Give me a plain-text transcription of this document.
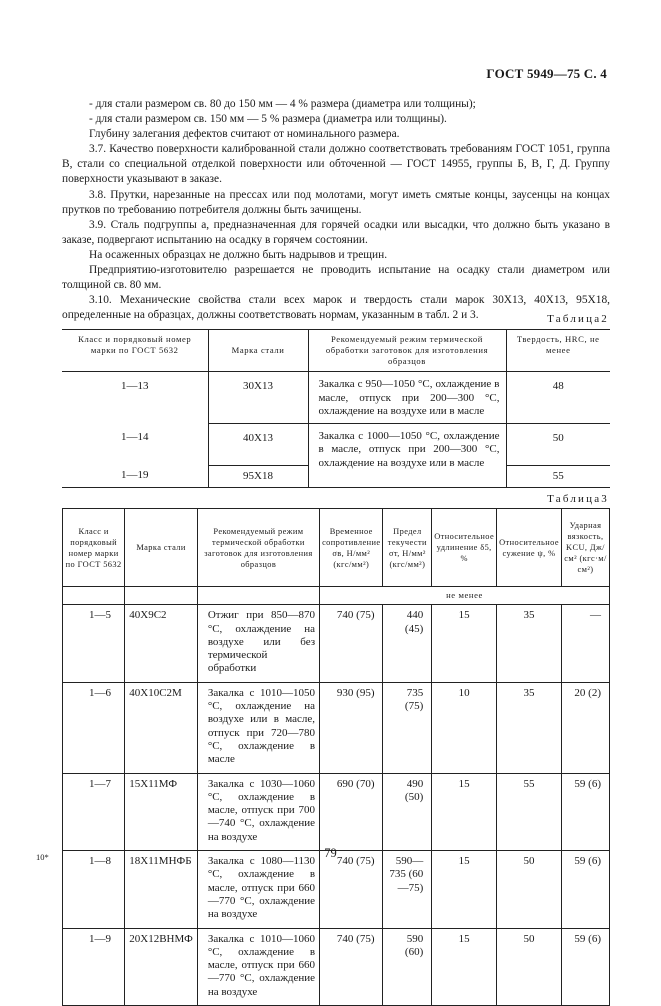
ГОСТ 5949—75 С. 4

- для стали размером св. 80 до 150 мм — 4 % размера (диаметра или толщины);

- для стали размером св. 150 мм — 5 % размера (диаметра или толщины).

Глубину залегания дефектов считают от номинального размера.

3.7. Качество поверхности калиброванной стали должно соответствовать требованиям ГОСТ 1051, группа В, стали со специальной отделкой поверхности или обточенной — ГОСТ 14955, группы Б, В, Г, Д. Группу поверхности указывают в заказе.

3.8. Прутки, нарезанные на прессах или под молотами, могут иметь смятые концы, заусенцы на концах прутков по требованию потребителя должны быть зачищены.

3.9. Сталь подгруппы а, предназначенная для горячей осадки или высадки, что должно быть указано в заказе, подвергают испытанию на осадку в горячем состоянии.

На осаженных образцах не должно быть надрывов и трещин.

Предприятию-изготовителю разрешается не проводить испытание на осадку стали диаметром или толщиной св. 80 мм.

3.10. Механические свойства стали всех марок и твердость стали марок 30Х13, 40Х13, 95Х18, определенные на образцах, должны соответствовать нормам, указанным в табл. 2 и 3.	Таблица2
Класс и порядковый номер марки по ГОСТ 5632	Марка стали	Рекомендуемый режим термической обработки заготовок для изготовления образцов	Твердость, HRC, не менее
1—13	30Х13	Закалка с 950—1050 °С, охлаждение в масле, отпуск при 200—300 °С, охлаждение на воздухе или в масле	48
1—14	40Х13	Закалка с 1000—1050 °С, охлаждение в масле, отпуск при 200—300 °С, охлаждение на воздухе или в масле	50
1—19	95Х18		55
Таблица3
Класс и порядковый номер марки по ГОСТ 5632	Марка стали	Рекомендуемый режим термической обработки заготовок для изготовления образцов	Временное сопротивление σв, Н/мм² (кгс/мм²)	Предел текучести σт, Н/мм² (кгс/мм²)	Относительное удлинение δ5, %	Относительное сужение ψ, %	Ударная вязкость, KCU, Дж/см² (кгс·м/см²)
			не менее				
1—5	40Х9С2	Отжиг при 850—870 °С, охлаждение на воздухе или без термической обработки	740 (75)	440 (45)	15	35	—
1—6	40Х10С2М	Закалка с 1010—1050 °С, охлаждение на воздухе или в масле, отпуск при 720—780 °С, охлаждение в масле	930 (95)	735 (75)	10	35	20 (2)
1—7	15Х11МФ	Закалка с 1030—1060 °С, охлаждение в масле, отпуск при 700—740 °С, охлаждение на воздухе	690 (70)	490 (50)	15	55	59 (6)
1—8	18Х11МНФБ	Закалка с 1080—1130 °С, охлаждение в масле, отпуск при 660—770 °С, охлаждение на воздухе	740 (75)	590—735 (60—75)	15	50	59 (6)
1—9	20Х12ВНМФ	Закалка с 1010—1060 °С, охлаждение в масле, отпуск при 660—770 °С, охлаждение на воздухе	740 (75)	590 (60)	15	50	59 (6)
10*	79
